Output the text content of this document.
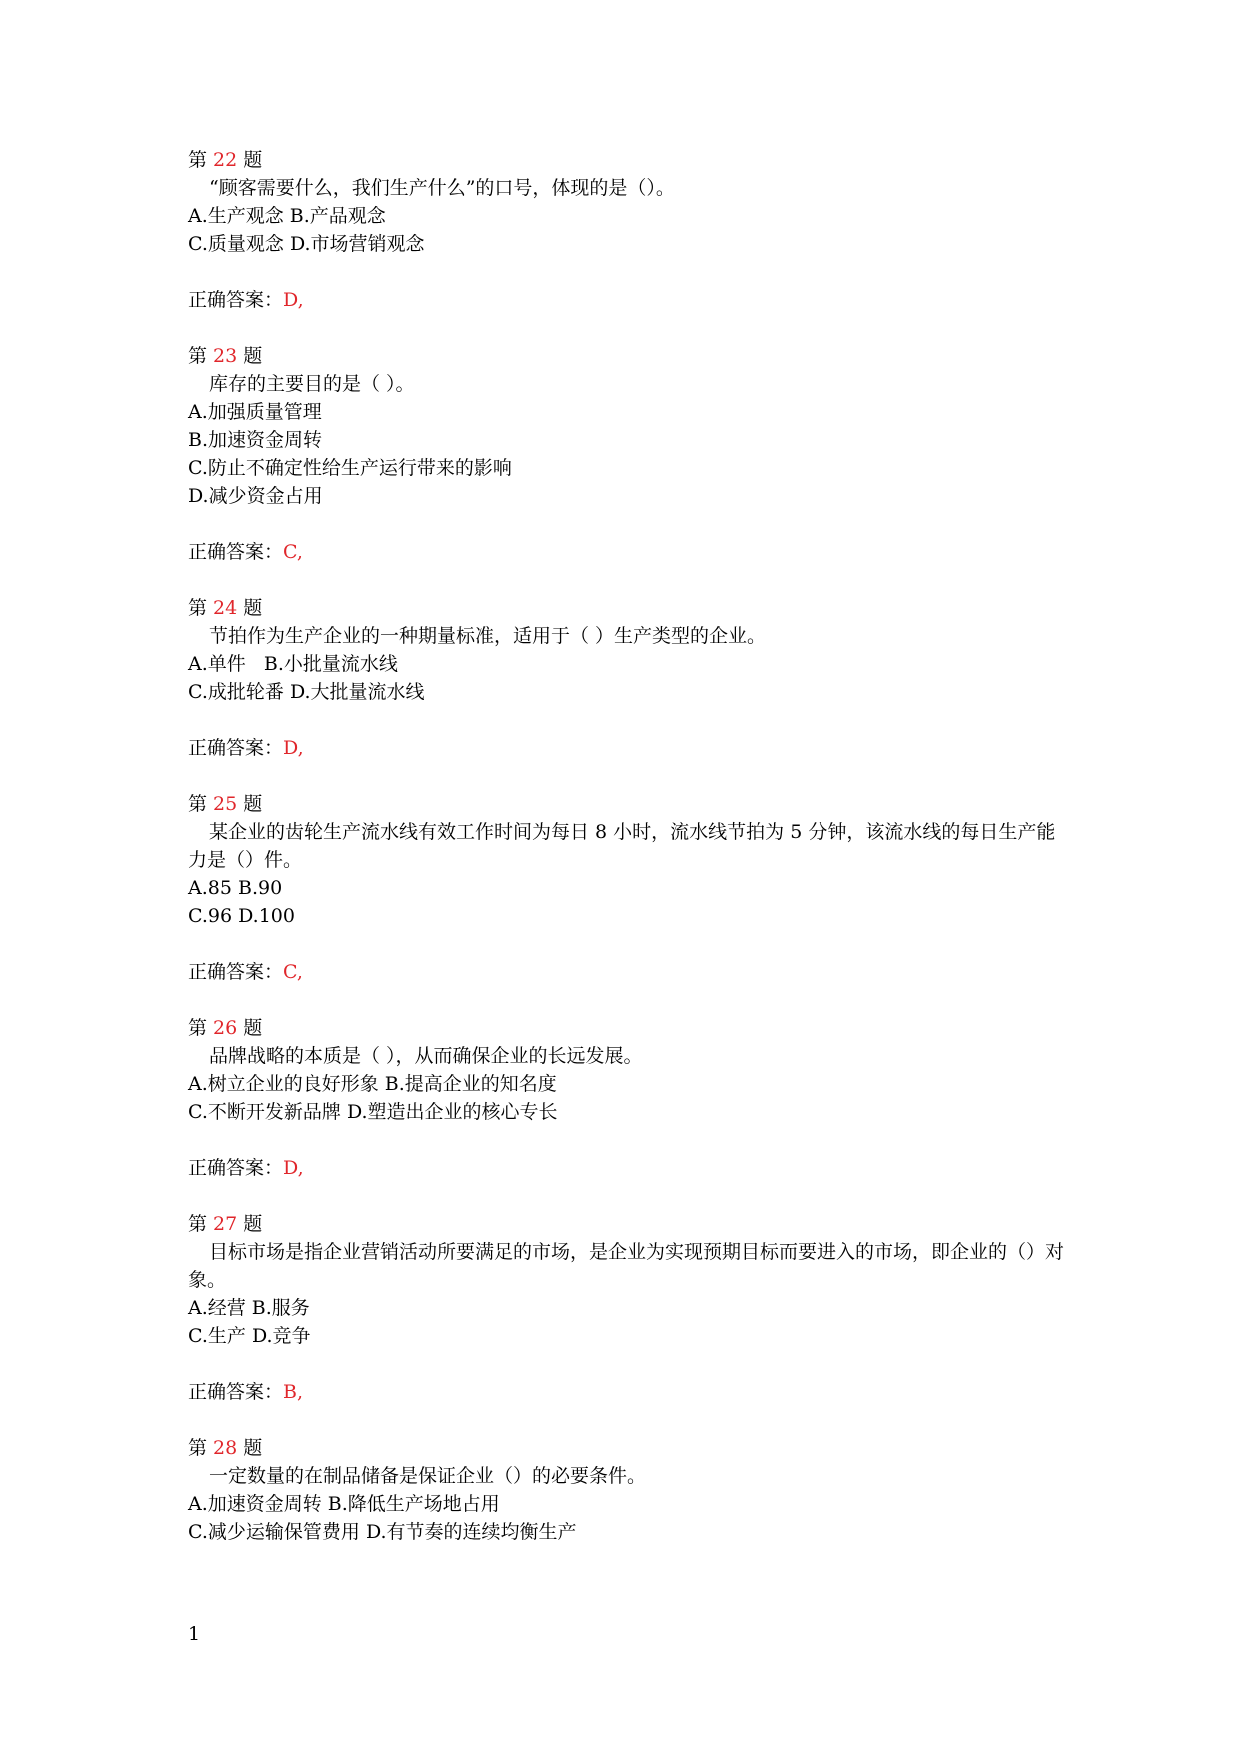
第 22 题
“顾客需要什么，我们生产什么”的口号，体现的是（）。
A.生产观念 B.产品观念
C.质量观念 D.市场营销观念
正确答案：D,
第 23 题
库存的主要目的是（ ）。
A.加强质量管理
B.加速资金周转
C.防止不确定性给生产运行带来的影响
D.减少资金占用
正确答案：C,
第 24 题
节拍作为生产企业的一种期量标准，适用于（ ）生产类型的企业。
A.单件   B.小批量流水线
C.成批轮番 D.大批量流水线
正确答案：D,
第 25 题
某企业的齿轮生产流水线有效工作时间为每日 8 小时，流水线节拍为 5 分钟，该流水线的每日生产能力是（）件。
A.85 B.90
C.96 D.100
正确答案：C,
第 26 题
品牌战略的本质是（ ），从而确保企业的长远发展。
A.树立企业的良好形象 B.提高企业的知名度
C.不断开发新品牌 D.塑造出企业的核心专长
正确答案：D,
第 27 题
目标市场是指企业营销活动所要满足的市场，是企业为实现预期目标而要进入的市场，即企业的（）对象。
A.经营 B.服务
C.生产 D.竞争
正确答案：B,
第 28 题
一定数量的在制品储备是保证企业（）的必要条件。
A.加速资金周转 B.降低生产场地占用
C.减少运输保管费用 D.有节奏的连续均衡生产
1
